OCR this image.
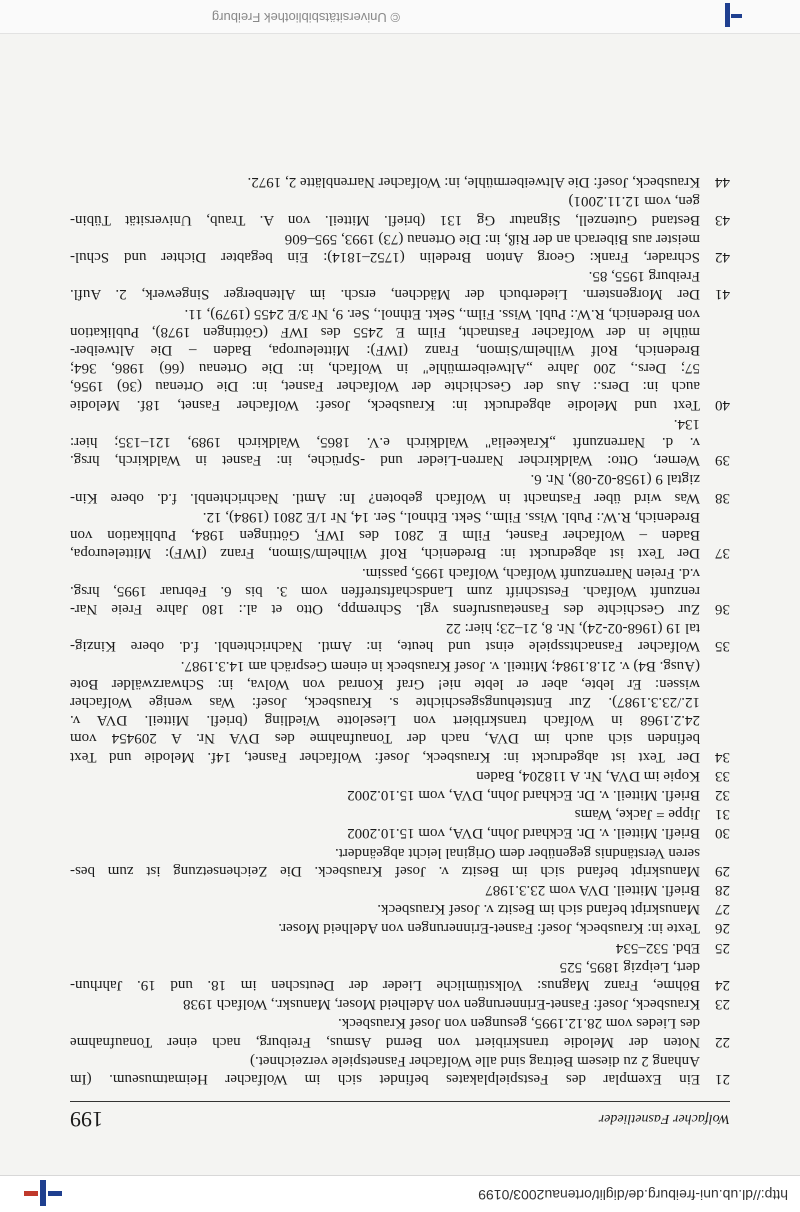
http://dl.ub.uni-freiburg.de/diglit/ortenau2003/0199
Wolfacher Fasnetlieder
199
21
Ein Exemplar des Festspielplakates befindet sich im Wolfacher Heimatmuseum. (Im
Anhang 2 zu diesem Beitrag sind alle Wolfacher Fasnetspiele verzeichnet.)
22
Noten der Melodie transkribiert von Bernd Asmus, Freiburg, nach einer Tonaufnahme
des Liedes vom 28.12.1995, gesungen von Josef Krausbeck.
23
Krausbeck, Josef: Fasnet-Erinnerungen von Adelheid Moser, Manuskr., Wolfach 1938
24
Böhme, Franz Magnus: Volkstümliche Lieder der Deutschen im 18. und 19. Jahrhun-
dert, Leipzig 1895, 525
25
Ebd. 532–534
26
Texte in: Krausbeck, Josef: Fasnet-Erinnerungen von Adelheid Moser.
27
Manuskript befand sich im Besitz v. Josef Krausbeck.
28
Briefl. Mitteil. DVA vom 23.3.1987
29
Manuskript befand sich im Besitz v. Josef Krausbeck. Die Zeichensetzung ist zum bes-
seren Verständnis gegenüber dem Original leicht abgeändert.
30
Briefl. Mitteil. v. Dr. Eckhard John, DVA, vom 15.10.2002
31
Jippe = Jacke, Wams
32
Briefl. Mitteil. v. Dr. Eckhard John, DVA, vom 15.10.2002
33
Kopie im DVA, Nr. A 118204, Baden
34
Der Text ist abgedruckt in: Krausbeck, Josef: Wolfacher Fasnet, 14f. Melodie und Text
befinden sich auch im DVA, nach der Tonaufnahme des DVA Nr. A 209454 vom
24.2.1968 in Wolfach transkribiert von Lieselotte Wiedling (briefl. Mitteil. DVA v.
12./23.3.1987). Zur Entstehungsgeschichte s. Krausbeck, Josef: Was wenige Wolfacher
wissen: Er lebte, aber er lebte nie! Graf Konrad von Wolva, in: Schwarzwälder Bote
(Ausg. B4) v. 21.8.1984; Mitteil. v. Josef Krausbeck in einem Gespräch am 14.3.1987.
35
Wolfacher Fasnachtsspiele einst und heute, in: Amtl. Nachrichtenbl. f.d. obere Kinzig-
tal 19 (1968-02-24), Nr. 8, 21–23; hier: 22
36
Zur Geschichte des Fasnetausrufens vgl. Schrempp, Otto et al.: 180 Jahre Freie Nar-
renzunft Wolfach. Festschrift zum Landschaftstreffen vom 3. bis 6. Februar 1995, hrsg.
v.d. Freien Narrenzunft Wolfach, Wolfach 1995, passim.
37
Der Text ist abgedruckt in: Bredenich, Rolf Wilhelm/Simon, Franz (IWF): Mitteleuropa,
Baden – Wolfacher Fasnet, Film E 2801 des IWF, Göttingen 1984, Publikation von
Bredenich, R.W.: Publ. Wiss. Film., Sekt. Ethnol., Ser. 14, Nr 1/E 2801 (1984), 12.
38
Was wird über Fastnacht in Wolfach geboten? In: Amtl. Nachrichtenbl. f.d. obere Kin-
zigtal 9 (1958-02-08), Nr. 6.
39
Werner, Otto: Waldkircher Narren-Lieder und -Sprüche, in: Fasnet in Waldkirch, hrsg.
v. d. Narrenzunft „Krakeelia" Waldkirch e.V. 1865, Waldkirch 1989, 121–135; hier:
134.
40
Text und Melodie abgedruckt in: Krausbeck, Josef: Wolfacher Fasnet, 18f. Melodie
auch in: Ders.: Aus der Geschichte der Wolfacher Fasnet, in: Die Ortenau (36) 1956,
57; Ders., 200 Jahre „Altweibermühle" in Wolfach, in: Die Ortenau (66) 1986, 364;
Bredenich, Rolf Wilhelm/Simon, Franz (IWF): Mitteleuropa, Baden – Die Altweiber-
mühle in der Wolfacher Fastnacht, Film E 2455 des IWF (Göttingen 1978), Publikation
von Bredenich, R.W.: Publ. Wiss. Film., Sekt. Ethnol., Ser. 9, Nr 3/E 2455 (1979), 11.
41
Der Morgenstern. Liederbuch der Mädchen, ersch. im Altenberger Singewerk, 2. Aufl.
Freiburg 1955, 85.
42
Schrader, Frank: Georg Anton Bredelin (1752–1814): Ein begabter Dichter und Schul-
meister aus Biberach an der Riß, in: Die Ortenau (73) 1993, 595–606
43
Bestand Gutenzell, Signatur Gg 131 (briefl. Mitteil. von A. Traub, Universität Tübin-
gen, vom 12.11.2001)
44
Krausbeck, Josef: Die Altweibermühle, in: Wolfacher Narrenblätte 2, 1972.
© Universitätsbibliothek Freiburg
